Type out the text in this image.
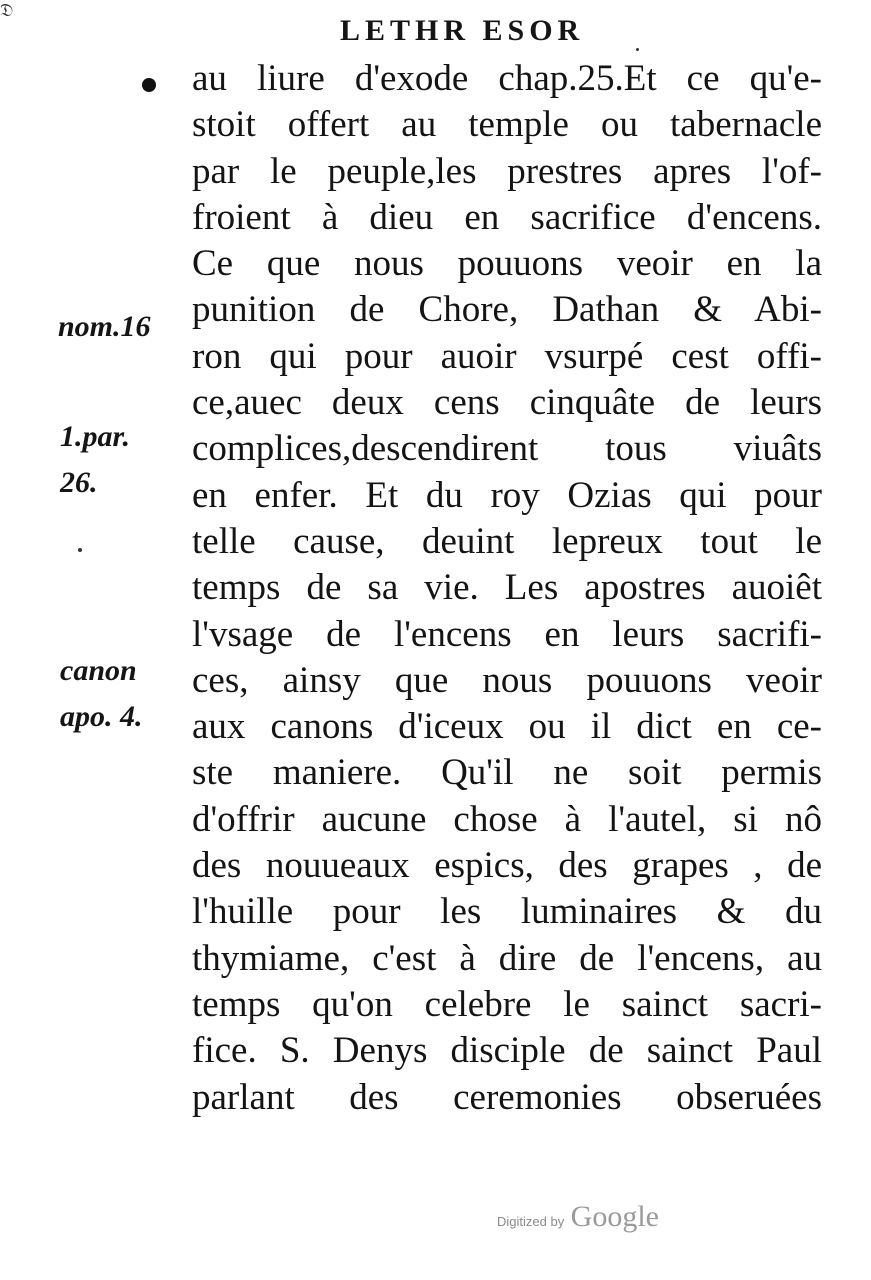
𝔇
LETHR ESOR
au liure d'exode chap.25.Et ce qu'e-
stoit offert au temple ou tabernacle
par le peuple,les prestres apres l'of-
froient à dieu en sacrifice d'encens.
Ce que nous pouuons veoir en la
punition de Chore, Dathan & Abi-
ron qui pour auoir vsurpé cest offi-
ce,auec deux cens cinquâte de leurs
complices,descendirent tous viuâts
en enfer. Et du roy Ozias qui pour
telle cause, deuint lepreux tout le
temps de sa vie. Les apostres auoiêt
l'vsage de l'encens en leurs sacrifi-
ces, ainsy que nous pouuons veoir
aux canons d'iceux ou il dict en ce-
ste maniere. Qu'il ne soit permis
d'offrir aucune chose à l'autel, si nô
des nouueaux espics, des grapes , de
l'huille pour les luminaires & du
thymiame, c'est à dire de l'encens, au
temps qu'on celebre le sainct sacri-
fice. S. Denys disciple de sainct Paul
parlant des ceremonies obseruées
nom.16
1.par.
26.
canon
apo. 4.
Digitized by Google
